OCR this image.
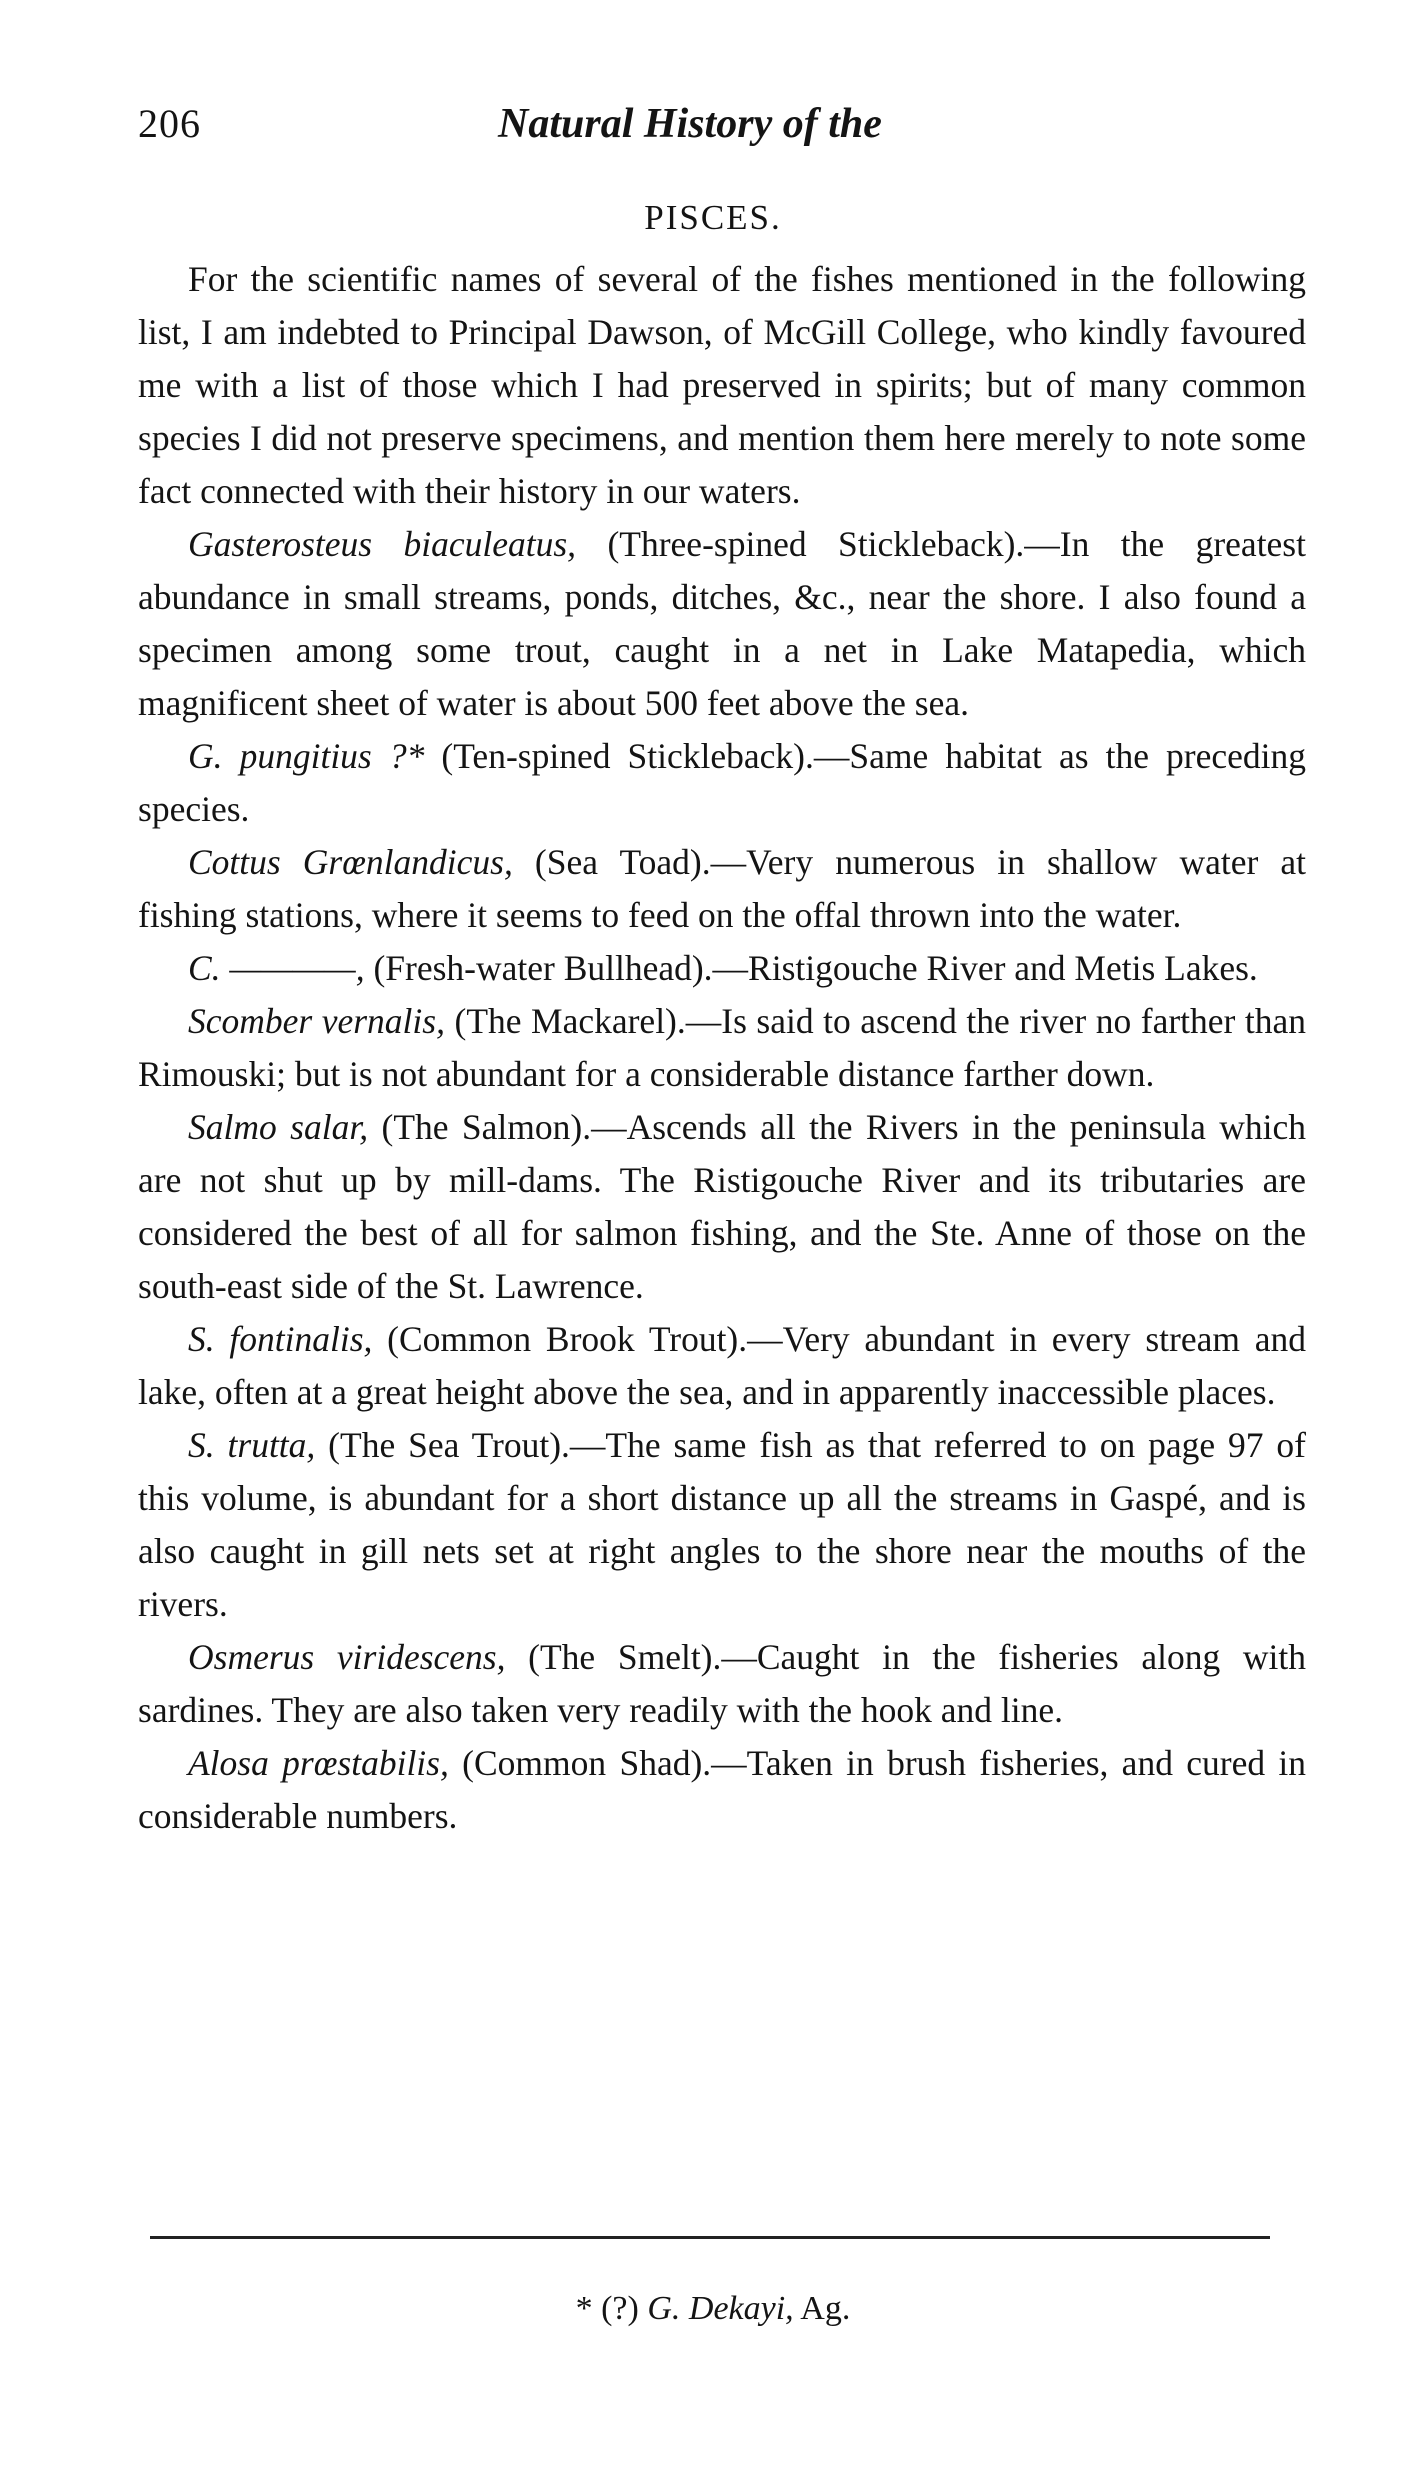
206	Natural History of the
PISCES.

For the scientific names of several of the fishes mentioned in the following list, I am indebted to Principal Dawson, of McGill College, who kindly favoured me with a list of those which I had preserved in spirits; but of many common species I did not preserve specimens, and mention them here merely to note some fact connected with their history in our waters.

Gasterosteus biaculeatus, (Three-spined Stickleback).—In the greatest abundance in small streams, ponds, ditches, &c., near the shore. I also found a specimen among some trout, caught in a net in Lake Matapedia, which magnificent sheet of water is about 500 feet above the sea.

G. pungitius ?* (Ten-spined Stickleback).—Same habitat as the preceding species.

Cottus Grœnlandicus, (Sea Toad).—Very numerous in shallow water at fishing stations, where it seems to feed on the offal thrown into the water.

C. ————, (Fresh-water Bullhead).—Ristigouche River and Metis Lakes.

Scomber vernalis, (The Mackarel).—Is said to ascend the river no farther than Rimouski; but is not abundant for a considerable distance farther down.

Salmo salar, (The Salmon).—Ascends all the Rivers in the peninsula which are not shut up by mill-dams. The Ristigouche River and its tributaries are considered the best of all for salmon fishing, and the Ste. Anne of those on the south-east side of the St. Lawrence.

S. fontinalis, (Common Brook Trout).—Very abundant in every stream and lake, often at a great height above the sea, and in apparently inaccessible places.

S. trutta, (The Sea Trout).—The same fish as that referred to on page 97 of this volume, is abundant for a short distance up all the streams in Gaspé, and is also caught in gill nets set at right angles to the shore near the mouths of the rivers.

Osmerus viridescens, (The Smelt).—Caught in the fisheries along with sardines. They are also taken very readily with the hook and line.

Alosa prœstabilis, (Common Shad).—Taken in brush fisheries, and cured in considerable numbers.

* (?) G. Dekayi, Ag.
